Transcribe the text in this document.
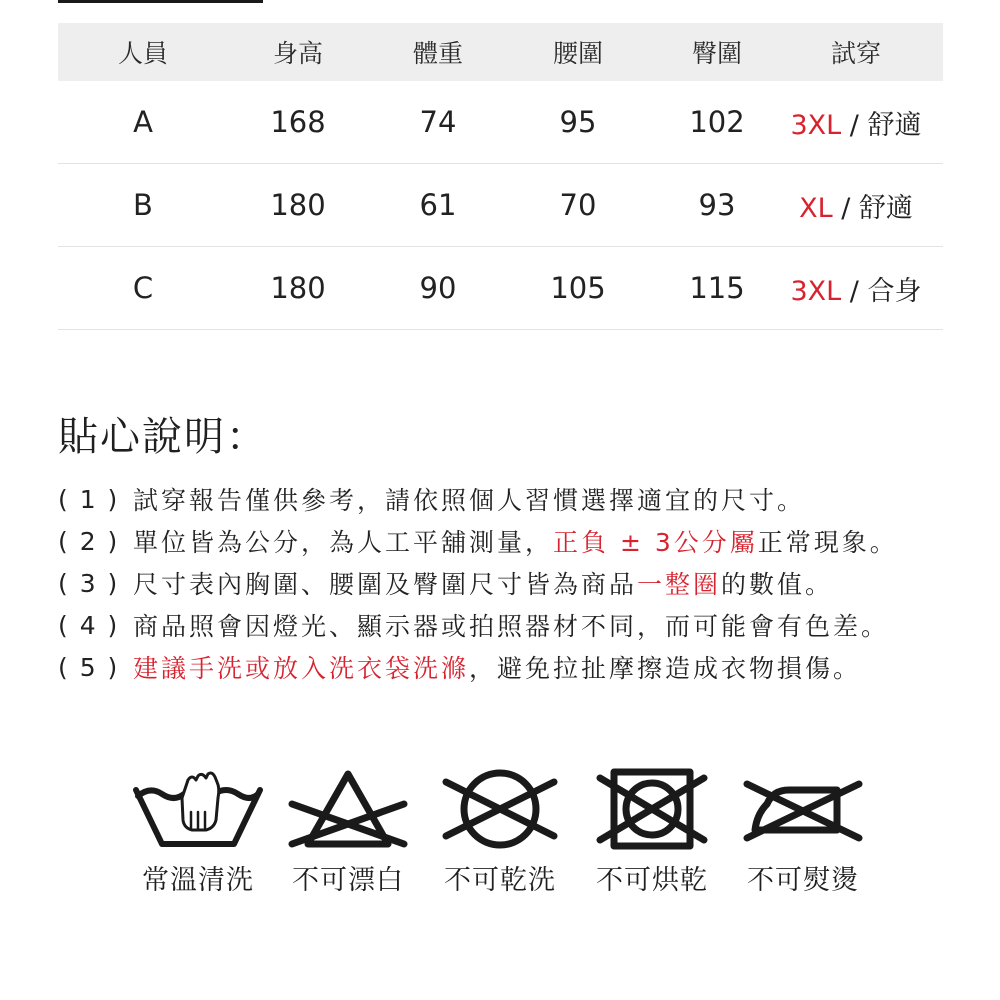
人員	身高	體重	腰圍	臀圍	試穿
A	168	74	95	102	3XL / 舒適
B	180	61	70	93	XL / 舒適
C	180	90	105	115	3XL / 合身
貼心說明：
( 1 ) 試穿報告僅供參考，請依照個人習慣選擇適宜的尺寸。
( 2 ) 單位皆為公分，為人工平舖測量，正負 ± 3公分屬正常現象。
( 3 ) 尺寸表內胸圍、腰圍及臀圍尺寸皆為商品一整圈的數值。
( 4 ) 商品照會因燈光、顯示器或拍照器材不同，而可能會有色差。
( 5 ) 建議手洗或放入洗衣袋洗滌，避免拉扯摩擦造成衣物損傷。
常溫清洗	不可漂白	不可乾洗	不可烘乾	不可熨燙
